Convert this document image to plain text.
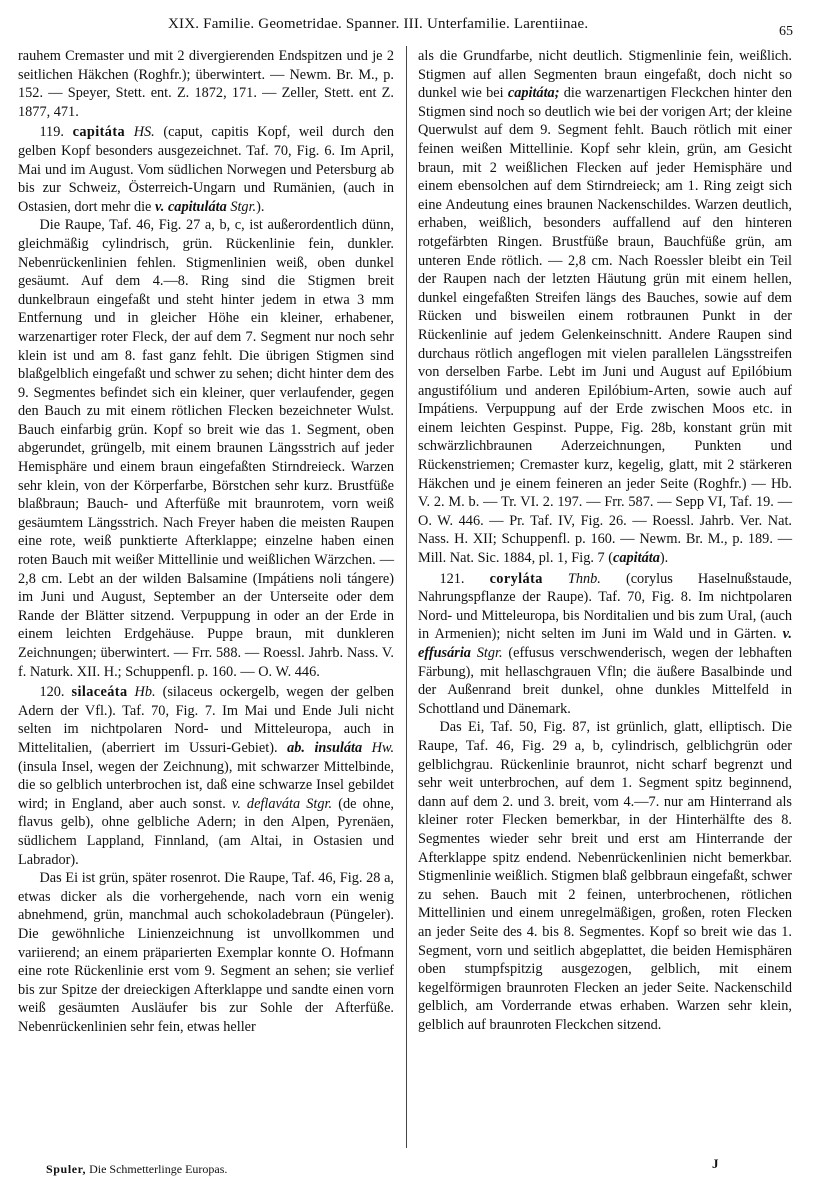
XIX. Familie. Geometridae. Spanner. III. Unterfamilie. Larentiinae.	65

rauhem Cremaster und mit 2 divergierenden Endspitzen und je 2 seitlichen Häkchen (Roghfr.); überwintert. — Newm. Br. M., p. 152. — Speyer, Stett. ent. Z. 1872, 171. — Zeller, Stett. ent Z. 1877, 471.

119. capitáta HS. (caput, capitis Kopf, weil durch den gelben Kopf besonders ausgezeichnet. Taf. 70, Fig. 6. Im April, Mai und im August. Vom südlichen Norwegen und Petersburg ab bis zur Schweiz, Österreich-Ungarn und Rumänien, (auch in Ostasien, dort mehr die v. capituláta Stgr.).

Die Raupe, Taf. 46, Fig. 27 a, b, c, ist außerordentlich dünn, gleichmäßig cylindrisch, grün. Rückenlinie fein, dunkler. Nebenrückenlinien fehlen. Stigmenlinien weiß, oben dunkel gesäumt. Auf dem 4.—8. Ring sind die Stigmen breit dunkelbraun eingefaßt und steht hinter jedem in etwa 3 mm Entfernung und in gleicher Höhe ein kleiner, erhabener, warzenartiger roter Fleck, der auf dem 7. Segment nur noch sehr klein ist und am 8. fast ganz fehlt. Die übrigen Stigmen sind blaßgelblich eingefaßt und schwer zu sehen; dicht hinter dem des 9. Segmentes befindet sich ein kleiner, quer verlaufender, gegen den Bauch zu mit einem rötlichen Flecken bezeichneter Wulst. Bauch einfarbig grün. Kopf so breit wie das 1. Segment, oben abgerundet, grüngelb, mit einem braunen Längsstrich auf jeder Hemisphäre und einem braun eingefaßten Stirndreieck. Warzen sehr klein, von der Körperfarbe, Börstchen sehr kurz. Brustfüße blaßbraun; Bauch- und Afterfüße mit braunrotem, vorn weiß gesäumtem Längsstrich. Nach Freyer haben die meisten Raupen eine rote, weiß punktierte Afterklappe; einzelne haben einen roten Bauch mit weißer Mittellinie und weißlichen Wärzchen. — 2,8 cm. Lebt an der wilden Balsamine (Impátiens noli tángere) im Juni und August, September an der Unterseite oder dem Rande der Blätter sitzend. Verpuppung in oder an der Erde in einem leichten Erdgehäuse. Puppe braun, mit dunkleren Zeichnungen; überwintert. — Frr. 588. — Roessl. Jahrb. Nass. V. f. Naturk. XII. H.; Schuppenfl. p. 160. — O. W. 446.

120. silaceáta Hb. (silaceus ockergelb, wegen der gelben Adern der Vfl.). Taf. 70, Fig. 7. Im Mai und Ende Juli nicht selten im nichtpolaren Nord- und Mitteleuropa, auch in Mittelitalien, (aberriert im Ussuri-Gebiet). ab. insuláta Hw. (insula Insel, wegen der Zeichnung), mit schwarzer Mittelbinde, die so gelblich unterbrochen ist, daß eine schwarze Insel gebildet wird; in England, aber auch sonst. v. deflaváta Stgr. (de ohne, flavus gelb), ohne gelbliche Adern; in den Alpen, Pyrenäen, südlichem Lappland, Finnland, (am Altai, in Ostasien und Labrador).

Das Ei ist grün, später rosenrot. Die Raupe, Taf. 46, Fig. 28 a, etwas dicker als die vorhergehende, nach vorn ein wenig abnehmend, grün, manchmal auch schokoladebraun (Püngeler). Die gewöhnliche Linienzeichnung ist unvollkommen und variierend; an einem präparierten Exemplar konnte O. Hofmann eine rote Rückenlinie erst vom 9. Segment an sehen; sie verlief bis zur Spitze der dreieckigen Afterklappe und sandte einen vorn weiß gesäumten Ausläufer bis zur Sohle der Afterfüße. Nebenrückenlinien sehr fein, etwas heller

als die Grundfarbe, nicht deutlich. Stigmenlinie fein, weißlich. Stigmen auf allen Segmenten braun eingefaßt, doch nicht so dunkel wie bei capitáta; die warzenartigen Fleckchen hinter den Stigmen sind noch so deutlich wie bei der vorigen Art; der kleine Querwulst auf dem 9. Segment fehlt. Bauch rötlich mit einer feinen weißen Mittellinie. Kopf sehr klein, grün, am Gesicht braun, mit 2 weißlichen Flecken auf jeder Hemisphäre und einem ebensolchen auf dem Stirndreieck; am 1. Ring zeigt sich eine Andeutung eines braunen Nackenschildes. Warzen deutlich, erhaben, weißlich, besonders auffallend auf den hinteren rotgefärbten Ringen. Brustfüße braun, Bauchfüße grün, am unteren Ende rötlich. — 2,8 cm. Nach Roessler bleibt ein Teil der Raupen nach der letzten Häutung grün mit einem hellen, dunkel eingefaßten Streifen längs des Bauches, sowie auf dem Rücken und bisweilen einem rotbraunen Punkt in der Rückenlinie auf jedem Gelenkeinschnitt. Andere Raupen sind durchaus rötlich angeflogen mit vielen parallelen Längsstreifen von derselben Farbe. Lebt im Juni und August auf Epilóbium angustifólium und anderen Epilóbium-Arten, sowie auch auf Impátiens. Verpuppung auf der Erde zwischen Moos etc. in einem leichten Gespinst. Puppe, Fig. 28b, konstant grün mit schwärzlichbraunen Aderzeichnungen, Punkten und Rückenstriemen; Cremaster kurz, kegelig, glatt, mit 2 stärkeren Häkchen und je einem feineren an jeder Seite (Roghfr.) — Hb. V. 2. M. b. — Tr. VI. 2. 197. — Frr. 587. — Sepp VI, Taf. 19. — O. W. 446. — Pr. Taf. IV, Fig. 26. — Roessl. Jahrb. Ver. Nat. Nass. H. XII; Schuppenfl. p. 160. — Newm. Br. M., p. 189. — Mill. Nat. Sic. 1884, pl. 1, Fig. 7 (capitáta).

121. coryláta Thnb. (corylus Haselnußstaude, Nahrungspflanze der Raupe). Taf. 70, Fig. 8. Im nichtpolaren Nord- und Mitteleuropa, bis Norditalien und bis zum Ural, (auch in Armenien); nicht selten im Juni im Wald und in Gärten. v. effusária Stgr. (effusus verschwenderisch, wegen der lebhaften Färbung), mit hellaschgrauen Vfln; die äußere Basalbinde und der Außenrand breit dunkel, ohne dunkles Mittelfeld in Schottland und Dänemark.

Das Ei, Taf. 50, Fig. 87, ist grünlich, glatt, elliptisch. Die Raupe, Taf. 46, Fig. 29 a, b, cylindrisch, gelblichgrün oder gelblichgrau. Rückenlinie braunrot, nicht scharf begrenzt und sehr weit unterbrochen, auf dem 1. Segment spitz beginnend, dann auf dem 2. und 3. breit, vom 4.—7. nur am Hinterrand als kleiner roter Flecken bemerkbar, in der Hinterhälfte des 8. Segmentes wieder sehr breit und erst am Hinterrande der Afterklappe spitz endend. Nebenrückenlinien nicht bemerkbar. Stigmenlinie weißlich. Stigmen blaß gelbbraun eingefaßt, schwer zu sehen. Bauch mit 2 feinen, unterbrochenen, rötlichen Mittellinien und einem unregelmäßigen, großen, roten Flecken an jeder Seite des 4. bis 8. Segmentes. Kopf so breit wie das 1. Segment, vorn und seitlich abgeplattet, die beiden Hemisphären oben stumpfspitzig ausgezogen, gelblich, mit einem kegelförmigen braunroten Flecken an jeder Seite. Nackenschild gelblich, am Vorderrande etwas erhaben. Warzen sehr klein, gelblich auf braunroten Fleckchen sitzend.

Spuler, Die Schmetterlinge Europas.	J
